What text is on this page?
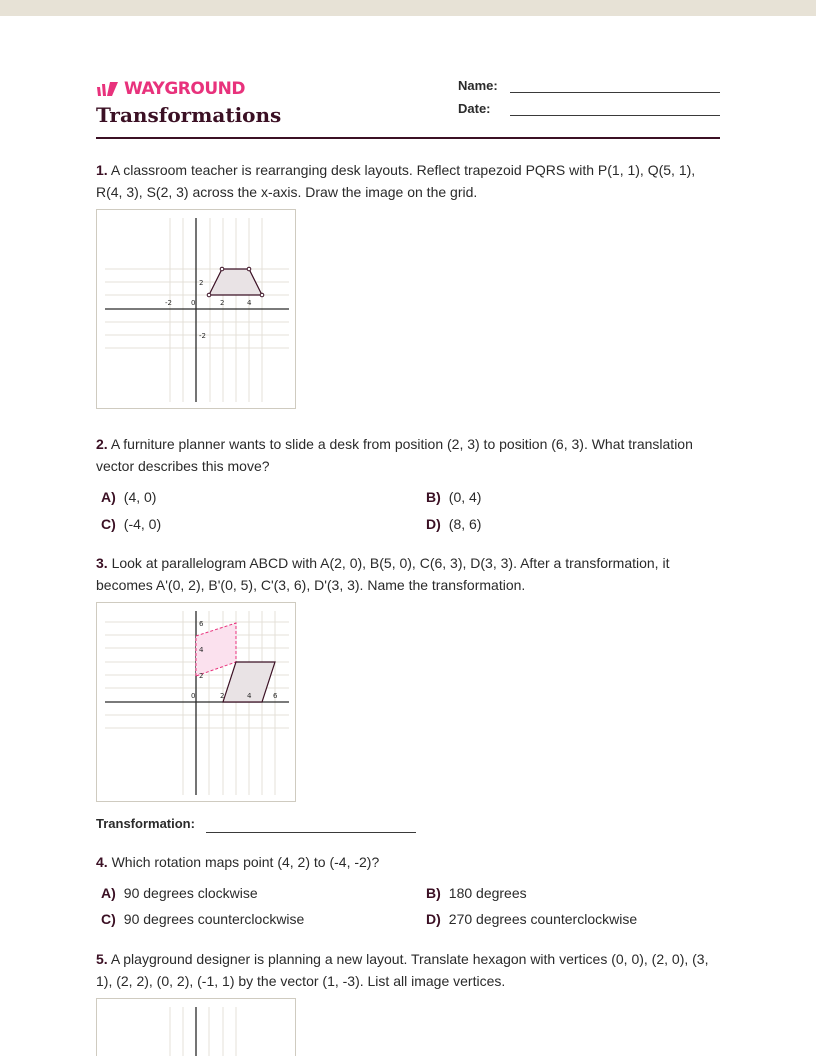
WAYGROUND
Transformations
Name:
Date:
1. A classroom teacher is rearranging desk layouts. Reflect trapezoid PQRS with P(1, 1), Q(5, 1), R(4, 3), S(2, 3) across the x-axis. Draw the image on the grid.
-2	0	2	4
2
-2
2. A furniture planner wants to slide a desk from position (2, 3) to position (6, 3). What translation vector describes this move?
A) (4, 0)	B) (0, 4)
C) (-4, 0)	D) (8, 6)
3. Look at parallelogram ABCD with A(2, 0), B(5, 0), C(6, 3), D(3, 3). After a transformation, it becomes A'(0, 2), B'(0, 5), C'(3, 6), D'(3, 3). Name the transformation.
0	2	4	6
6
4
2
Transformation:
4. Which rotation maps point (4, 2) to (-4, -2)?
A) 90 degrees clockwise	B) 180 degrees
C) 90 degrees counterclockwise	D) 270 degrees counterclockwise
5. A playground designer is planning a new layout. Translate hexagon with vertices (0, 0), (2, 0), (3, 1), (2, 2), (0, 2), (-1, 1) by the vector (1, -3). List all image vertices.
